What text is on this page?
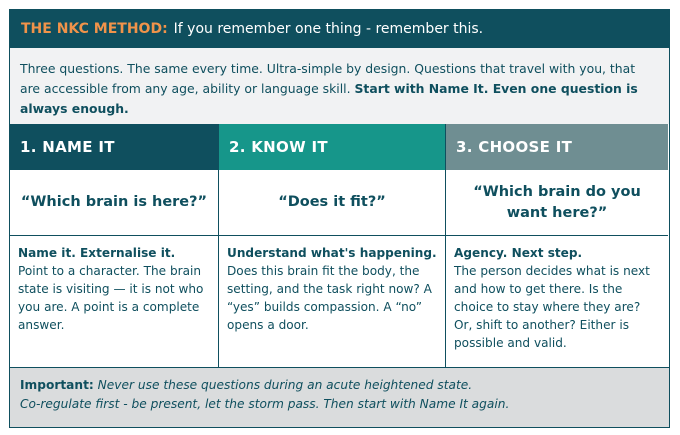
THE NKC METHOD: If you remember one thing - remember this.
Three questions. The same every time. Ultra-simple by design. Questions that travel with you, that are accessible from any age, ability or language skill. Start with Name It. Even one question is always enough.
1. NAME IT
“Which brain is here?”
Name it. Externalise it.
Point to a character. The brain state is visiting — it is not who you are. A point is a complete answer.
2. KNOW IT
“Does it fit?”
Understand what's happening.
Does this brain fit the body, the setting, and the task right now? A “yes” builds compassion. A “no” opens a door.
3. CHOOSE IT
“Which brain do you want here?”
Agency. Next step.
The person decides what is next and how to get there. Is the choice to stay where they are? Or, shift to another? Either is possible and valid.
Important: Never use these questions during an acute heightened state.
Co-regulate first - be present, let the storm pass. Then start with Name It again.
